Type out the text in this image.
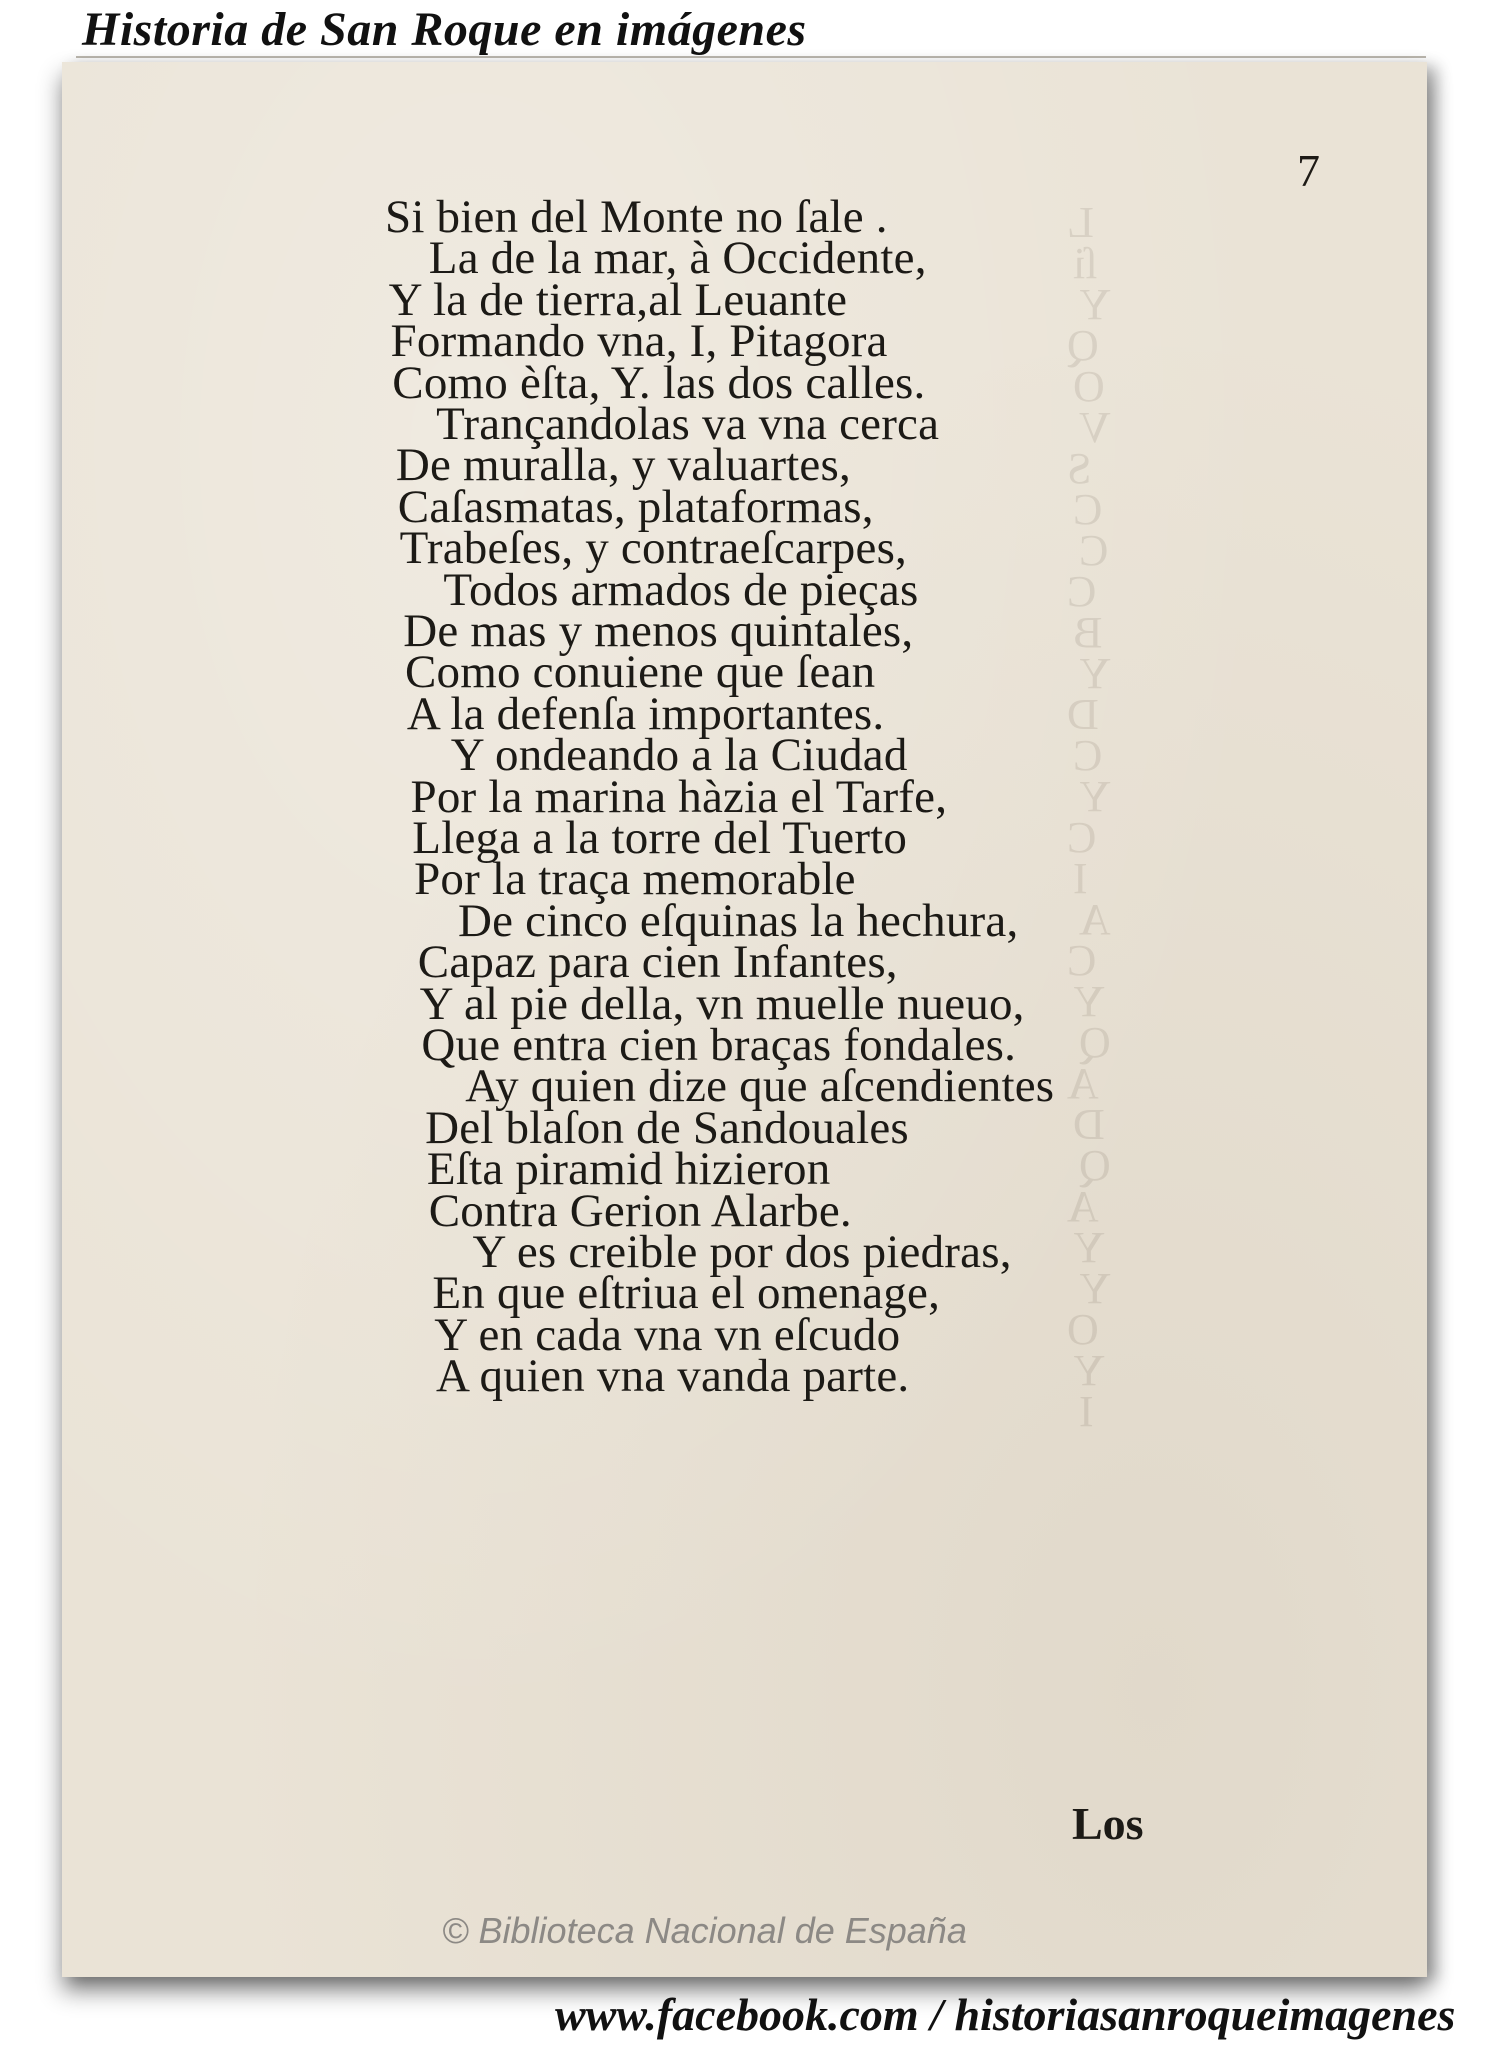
Historia de San Roque en imágenes
L
ſi
Y
Q
O
V
S
C
C
C
B
Y
D
C
Y
C
I
A
C
Y
Q
A
D
Q
A
Y
Y
O
Y
I
7
Si bien del Monte no ſale .
La de la mar, à Occidente,
Y la de tierra,al Leuante
Formando vna, I, Pitagora
Como èſta, Y. las dos calles.
Trançandolas va vna cerca
De muralla, y valuartes,
Caſasmatas, plataformas,
Trabeſes, y contraeſcarpes,
Todos armados de pieças
De mas y menos quintales,
Como conuiene que ſean
A la defenſa importantes.
Y ondeando a la Ciudad
Por la marina hàzia el Tarfe,
Llega a la torre del Tuerto
Por la traça memorable
De cinco eſquinas la hechura,
Capaz para cien Infantes,
Y al pie della, vn muelle nueuo,
Que entra cien braças fondales.
Ay quien dize que aſcendientes
Del blaſon de Sandouales
Eſta piramid hizieron
Contra Gerion Alarbe.
Y es creible por dos piedras,
En que eſtriua el omenage,
Y en cada vna vn eſcudo
A quien vna vanda parte.
Los
© Biblioteca Nacional de España
www.facebook.com / historiasanroqueimagenes
